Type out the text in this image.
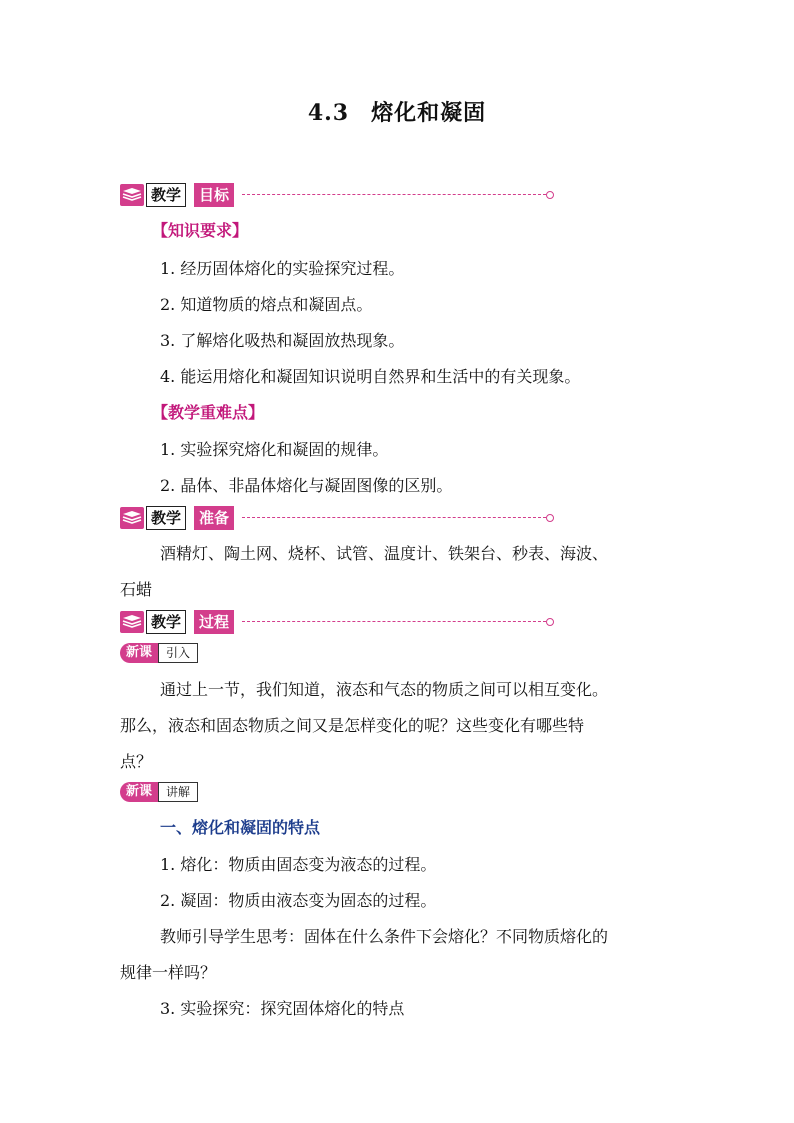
4.3 熔化和凝固
教学	目标
【知识要求】
1. 经历固体熔化的实验探究过程。
2. 知道物质的熔点和凝固点。
3. 了解熔化吸热和凝固放热现象。
4. 能运用熔化和凝固知识说明自然界和生活中的有关现象。
【教学重难点】
1. 实验探究熔化和凝固的规律。
2. 晶体、非晶体熔化与凝固图像的区别。
教学	准备
酒精灯、陶土网、烧杯、试管、温度计、铁架台、秒表、海波、
石蜡
教学	过程
新课	引入
通过上一节，我们知道，液态和气态的物质之间可以相互变化。
那么，液态和固态物质之间又是怎样变化的呢？这些变化有哪些特
点？
新课	讲解
一、熔化和凝固的特点
1. 熔化：物质由固态变为液态的过程。
2. 凝固：物质由液态变为固态的过程。
教师引导学生思考：固体在什么条件下会熔化？不同物质熔化的
规律一样吗？
3. 实验探究：探究固体熔化的特点
